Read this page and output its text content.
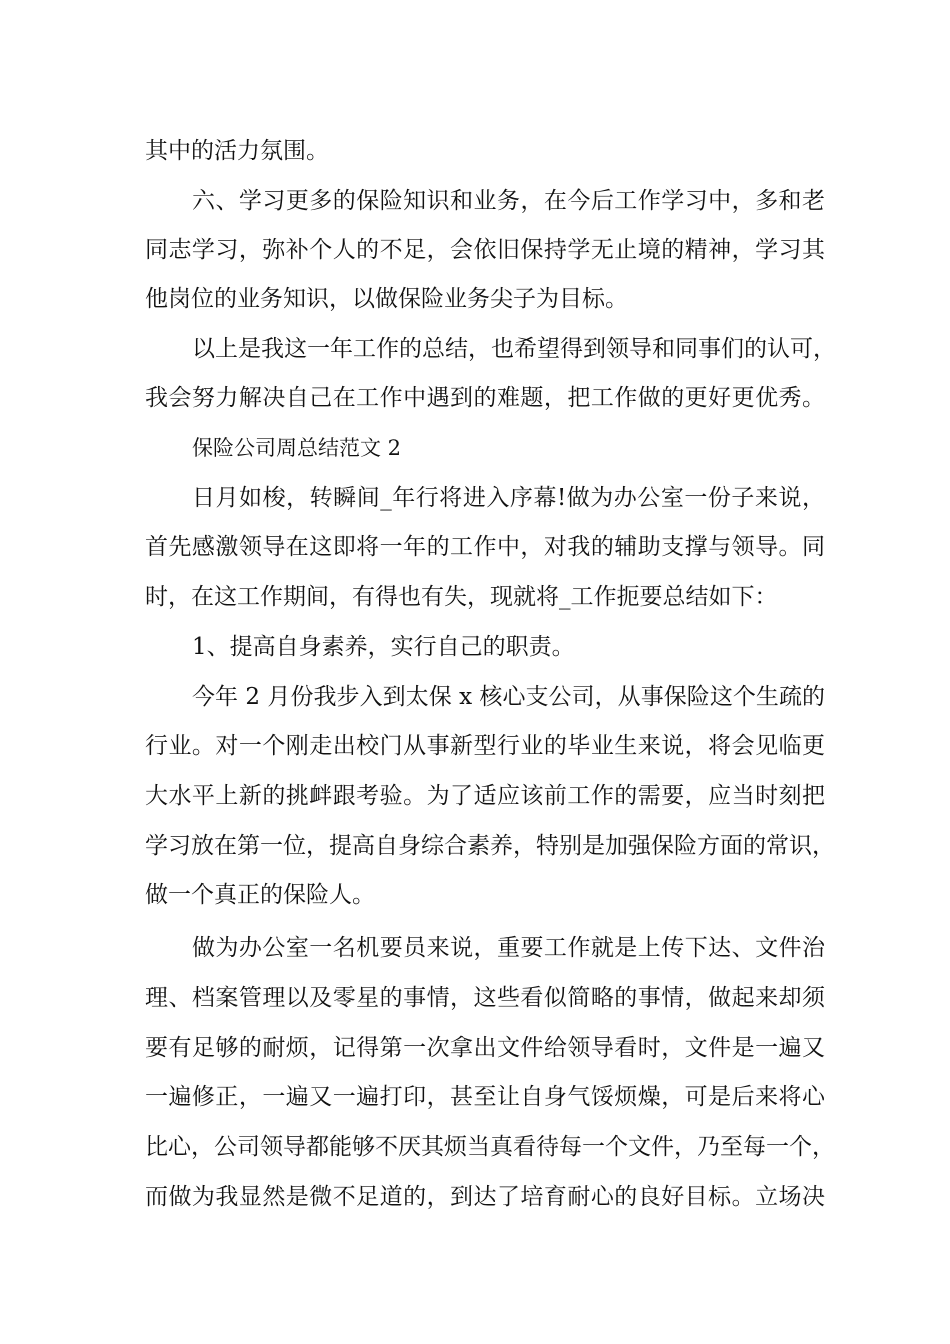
其中的活力氛围。
六、学习更多的保险知识和业务，在今后工作学习中，多和老
同志学习，弥补个人的不足，会依旧保持学无止境的精神，学习其
他岗位的业务知识，以做保险业务尖子为目标。
以上是我这一年工作的总结，也希望得到领导和同事们的认可，
我会努力解决自己在工作中遇到的难题，把工作做的更好更优秀。
保险公司周总结范文 2
日月如梭，转瞬间_年行将进入序幕!做为办公室一份子来说，
首先感激领导在这即将一年的工作中，对我的辅助支撑与领导。同
时，在这工作期间，有得也有失，现就将_工作扼要总结如下：
1、提高自身素养，实行自己的职责。
今年 2 月份我步入到太保 x 核心支公司，从事保险这个生疏的
行业。对一个刚走出校门从事新型行业的毕业生来说，将会见临更
大水平上新的挑衅跟考验。为了适应该前工作的需要，应当时刻把
学习放在第一位，提高自身综合素养，特别是加强保险方面的常识，
做一个真正的保险人。
做为办公室一名机要员来说，重要工作就是上传下达、文件治
理、档案管理以及零星的事情，这些看似简略的事情，做起来却须
要有足够的耐烦，记得第一次拿出文件给领导看时，文件是一遍又
一遍修正，一遍又一遍打印，甚至让自身气馁烦燥，可是后来将心
比心，公司领导都能够不厌其烦当真看待每一个文件，乃至每一个，
而做为我显然是微不足道的，到达了培育耐心的良好目标。立场决
